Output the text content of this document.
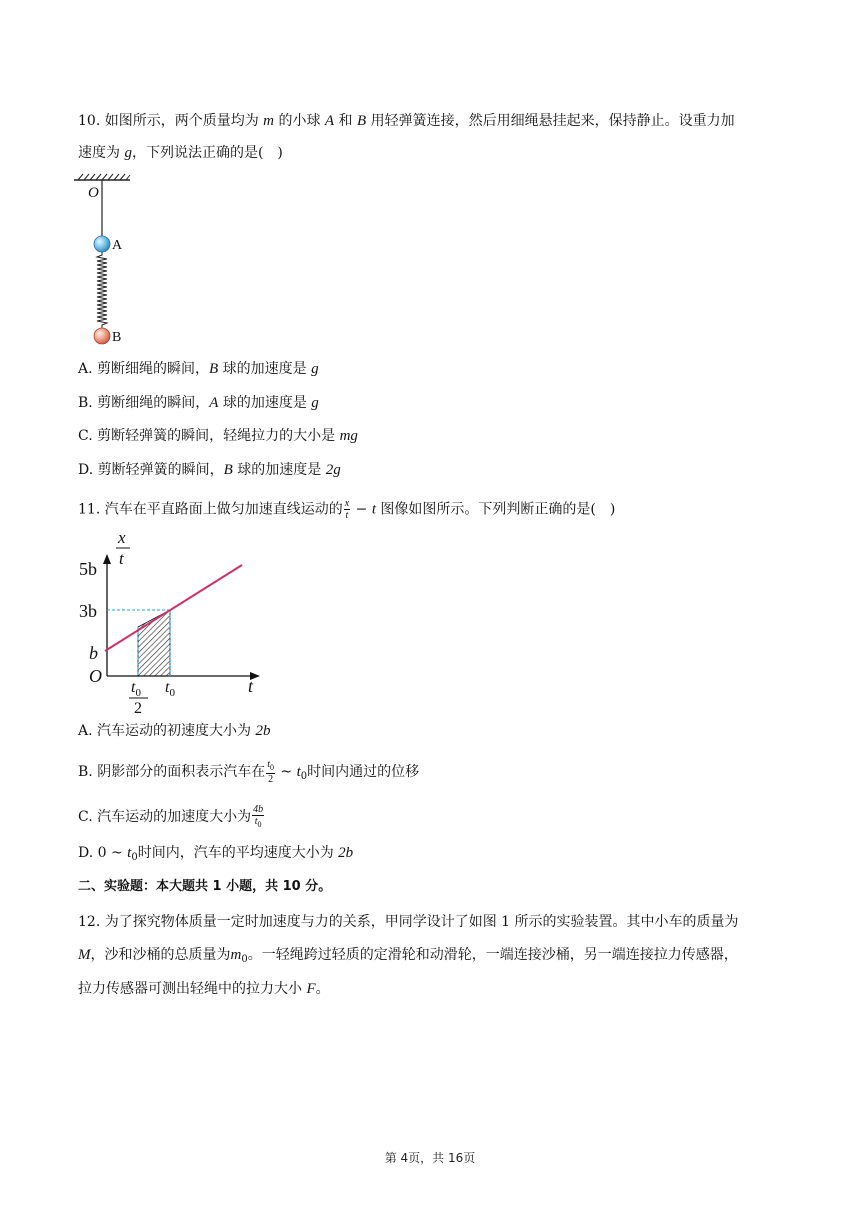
10. 如图所示，两个质量均为 m 的小球 A 和 B 用轻弹簧连接，然后用细绳悬挂起来，保持静止。设重力加
速度为 g，下列说法正确的是(　)
O
A
B
A. 剪断细绳的瞬间，B 球的加速度是 g
B. 剪断细绳的瞬间，A 球的加速度是 g
C. 剪断轻弹簧的瞬间，轻绳拉力的大小是 mg
D. 剪断轻弹簧的瞬间，B 球的加速度是 2g
11. 汽车在平直路面上做匀加速直线运动的 $\frac{x}{t} - t$ 图像如图所示。下列判断正确的是(　)
x
t
5b
3b
b
O
$t_0$
2
$t_0$	t
A. 汽车运动的初速度大小为 2b
B. 阴影部分的面积表示汽车在 $\frac{t_0}{2}$ ~ $t_0$时间内通过的位移
C. 汽车运动的加速度大小为 $\frac{4b}{t_0}$
D. 0 ~ $t_0$时间内，汽车的平均速度大小为 2b
二、实验题：本大题共 1 小题，共 10 分。
12. 为了探究物体质量一定时加速度与力的关系，甲同学设计了如图 1 所示的实验装置。其中小车的质量为
M，沙和沙桶的总质量为$m_0$。一轻绳跨过轻质的定滑轮和动滑轮，一端连接沙桶，另一端连接拉力传感器，
拉力传感器可测出轻绳中的拉力大小 F。
第 4页，共 16页
